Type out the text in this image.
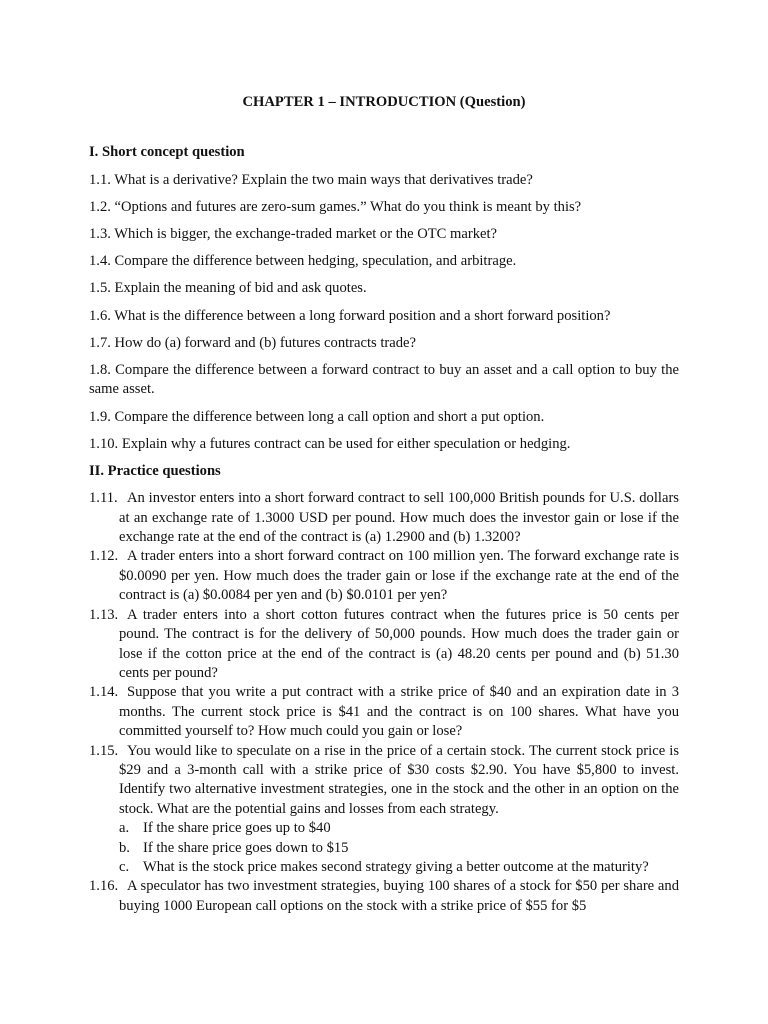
CHAPTER 1 – INTRODUCTION (Question)
I. Short concept question
1.1. What is a derivative? Explain the two main ways that derivatives trade?
1.2. “Options and futures are zero-sum games.” What do you think is meant by this?
1.3. Which is bigger, the exchange-traded market or the OTC market?
1.4. Compare the difference between hedging, speculation, and arbitrage.
1.5. Explain the meaning of bid and ask quotes.
1.6. What is the difference between a long forward position and a short forward position?
1.7. How do (a) forward and (b) futures contracts trade?
1.8. Compare the difference between a forward contract to buy an asset and a call option to buy the same asset.
1.9. Compare the difference between long a call option and short a put option.
1.10. Explain why a futures contract can be used for either speculation or hedging.
II. Practice questions
1.11. An investor enters into a short forward contract to sell 100,000 British pounds for U.S. dollars at an exchange rate of 1.3000 USD per pound. How much does the investor gain or lose if the exchange rate at the end of the contract is (a) 1.2900 and (b) 1.3200?
1.12. A trader enters into a short forward contract on 100 million yen. The forward exchange rate is $0.0090 per yen. How much does the trader gain or lose if the exchange rate at the end of the contract is (a) $0.0084 per yen and (b) $0.0101 per yen?
1.13. A trader enters into a short cotton futures contract when the futures price is 50 cents per pound. The contract is for the delivery of 50,000 pounds. How much does the trader gain or lose if the cotton price at the end of the contract is (a) 48.20 cents per pound and (b) 51.30 cents per pound?
1.14. Suppose that you write a put contract with a strike price of $40 and an expiration date in 3 months. The current stock price is $41 and the contract is on 100 shares. What have you committed yourself to? How much could you gain or lose?
1.15. You would like to speculate on a rise in the price of a certain stock. The current stock price is $29 and a 3-month call with a strike price of $30 costs $2.90. You have $5,800 to invest. Identify two alternative investment strategies, one in the stock and the other in an option on the stock. What are the potential gains and losses from each strategy.
a. If the share price goes up to $40
b. If the share price goes down to $15
c. What is the stock price makes second strategy giving a better outcome at the maturity?
1.16. A speculator has two investment strategies, buying 100 shares of a stock for $50 per share and buying 1000 European call options on the stock with a strike price of $55 for $5
